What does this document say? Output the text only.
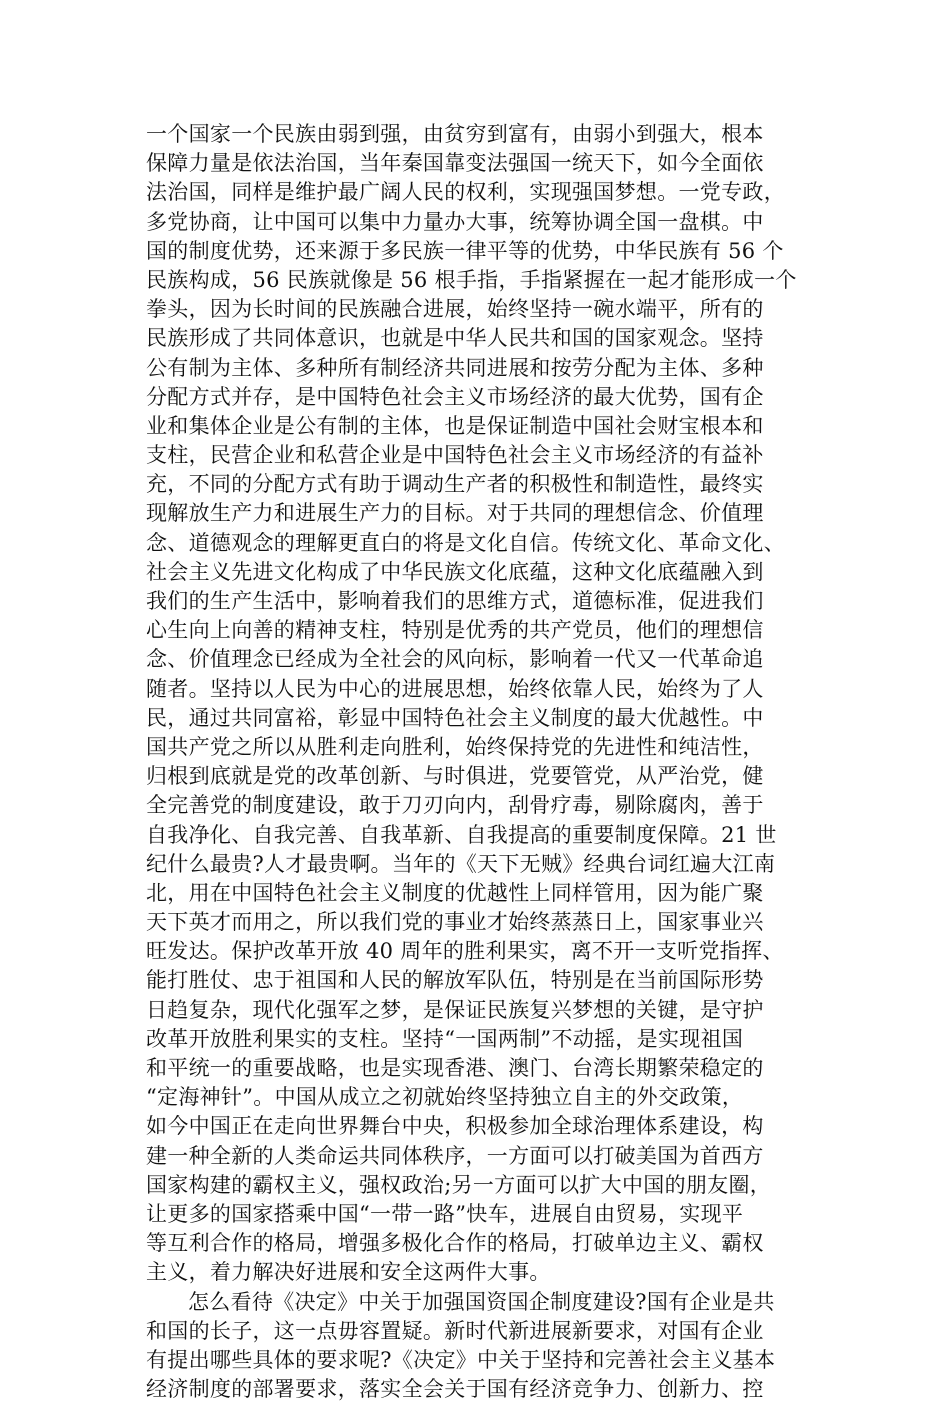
一个国家一个民族由弱到强，由贫穷到富有，由弱小到强大，根本
保障力量是依法治国，当年秦国靠变法强国一统天下，如今全面依
法治国，同样是维护最广阔人民的权利，实现强国梦想。一党专政，
多党协商，让中国可以集中力量办大事，统筹协调全国一盘棋。中
国的制度优势，还来源于多民族一律平等的优势，中华民族有 56 个
民族构成，56 民族就像是 56 根手指，手指紧握在一起才能形成一个
拳头，因为长时间的民族融合进展，始终坚持一碗水端平，所有的
民族形成了共同体意识，也就是中华人民共和国的国家观念。坚持
公有制为主体、多种所有制经济共同进展和按劳分配为主体、多种
分配方式并存，是中国特色社会主义市场经济的最大优势，国有企
业和集体企业是公有制的主体，也是保证制造中国社会财宝根本和
支柱，民营企业和私营企业是中国特色社会主义市场经济的有益补
充，不同的分配方式有助于调动生产者的积极性和制造性，最终实
现解放生产力和进展生产力的目标。对于共同的理想信念、价值理
念、道德观念的理解更直白的将是文化自信。传统文化、革命文化、
社会主义先进文化构成了中华民族文化底蕴，这种文化底蕴融入到
我们的生产生活中，影响着我们的思维方式，道德标准，促进我们
心生向上向善的精神支柱，特别是优秀的共产党员，他们的理想信
念、价值理念已经成为全社会的风向标，影响着一代又一代革命追
随者。坚持以人民为中心的进展思想，始终依靠人民，始终为了人
民，通过共同富裕，彰显中国特色社会主义制度的最大优越性。中
国共产党之所以从胜利走向胜利，始终保持党的先进性和纯洁性，
归根到底就是党的改革创新、与时俱进，党要管党，从严治党，健
全完善党的制度建设，敢于刀刃向内，刮骨疗毒，剔除腐肉，善于
自我净化、自我完善、自我革新、自我提高的重要制度保障。21 世
纪什么最贵?人才最贵啊。当年的《天下无贼》经典台词红遍大江南
北，用在中国特色社会主义制度的优越性上同样管用，因为能广聚
天下英才而用之，所以我们党的事业才始终蒸蒸日上，国家事业兴
旺发达。保护改革开放 40 周年的胜利果实，离不开一支听党指挥、
能打胜仗、忠于祖国和人民的解放军队伍，特别是在当前国际形势
日趋复杂，现代化强军之梦，是保证民族复兴梦想的关键，是守护
改革开放胜利果实的支柱。坚持“一国两制”不动摇，是实现祖国
和平统一的重要战略，也是实现香港、澳门、台湾长期繁荣稳定的
“定海神针”。中国从成立之初就始终坚持独立自主的外交政策，
如今中国正在走向世界舞台中央，积极参加全球治理体系建设，构
建一种全新的人类命运共同体秩序，一方面可以打破美国为首西方
国家构建的霸权主义，强权政治;另一方面可以扩大中国的朋友圈，
让更多的国家搭乘中国“一带一路”快车，进展自由贸易，实现平
等互利合作的格局，增强多极化合作的格局，打破单边主义、霸权
主义，着力解决好进展和安全这两件大事。
怎么看待《决定》中关于加强国资国企制度建设?国有企业是共
和国的长子，这一点毋容置疑。新时代新进展新要求，对国有企业
有提出哪些具体的要求呢?《决定》中关于坚持和完善社会主义基本
经济制度的部署要求，落实全会关于国有经济竞争力、创新力、控
